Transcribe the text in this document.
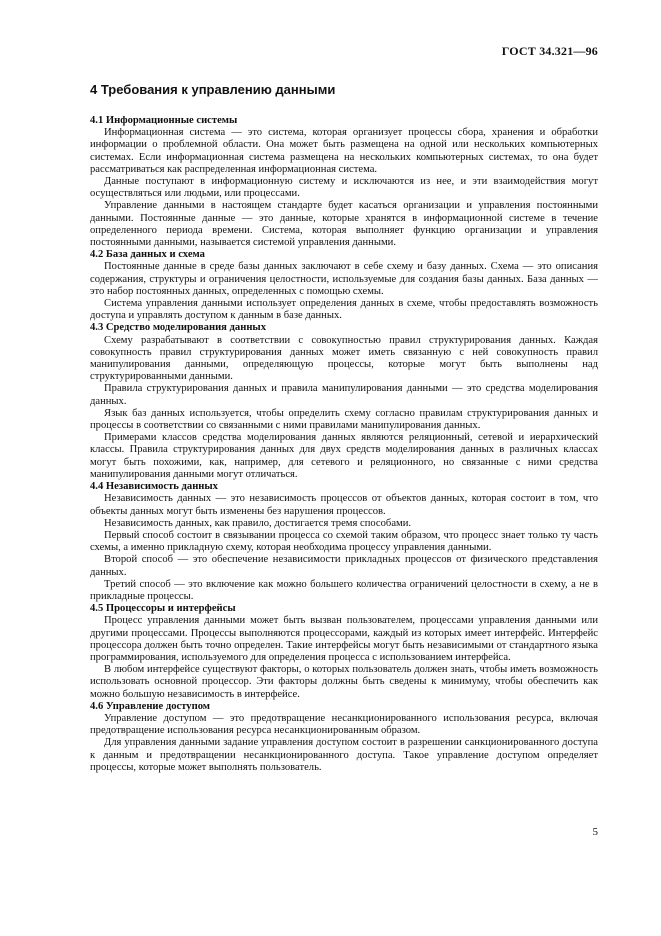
ГОСТ 34.321—96
4 Требования к управлению данными
4.1 Информационные системы

Информационная система — это система, которая организует процессы сбора, хранения и обработки информации о проблемной области. Она может быть размещена на одной или нескольких компьютерных системах. Если информационная система размещена на нескольких компьютерных системах, то она будет рассматриваться как распределенная информационная система.

Данные поступают в информационную систему и исключаются из нее, и эти взаимодействия могут осуществляться или людьми, или процессами.

Управление данными в настоящем стандарте будет касаться организации и управления постоянными данными. Постоянные данные — это данные, которые хранятся в информационной системе в течение определенного периода времени. Система, которая выполняет функцию организации и управления постоянными данными, называется системой управления данными.

4.2 База данных и схема

Постоянные данные в среде базы данных заключают в себе схему и базу данных. Схема — это описания содержания, структуры и ограничения целостности, используемые для создания базы данных. База данных — это набор постоянных данных, определенных с помощью схемы.

Система управления данными использует определения данных в схеме, чтобы предоставлять возможность доступа и управлять доступом к данным в базе данных.

4.3 Средство моделирования данных

Схему разрабатывают в соответствии с совокупностью правил структурирования данных. Каждая совокупность правил структурирования данных может иметь связанную с ней совокупность правил манипулирования данными, определяющую процессы, которые могут быть выполнены над структурированными данными.

Правила структурирования данных и правила манипулирования данными — это средства моделирования данных.

Язык баз данных используется, чтобы определить схему согласно правилам структурирования данных и процессы в соответствии со связанными с ними правилами манипулирования данных.

Примерами классов средства моделирования данных являются реляционный, сетевой и иерархический классы. Правила структурирования данных для двух средств моделирования данных в различных классах могут быть похожими, как, например, для сетевого и реляционного, но связанные с ними средства манипулирования данными могут отличаться.

4.4 Независимость данных

Независимость данных — это независимость процессов от объектов данных, которая состоит в том, что объекты данных могут быть изменены без нарушения процессов.

Независимость данных, как правило, достигается тремя способами.

Первый способ состоит в связывании процесса со схемой таким образом, что процесс знает только ту часть схемы, а именно прикладную схему, которая необходима процессу управления данными.

Второй способ — это обеспечение независимости прикладных процессов от физического представления данных.

Третий способ — это включение как можно большего количества ограничений целостности в схему, а не в прикладные процессы.

4.5 Процессоры и интерфейсы

Процесс управления данными может быть вызван пользователем, процессами управления данными или другими процессами. Процессы выполняются процессорами, каждый из которых имеет интерфейс. Интерфейс процессора должен быть точно определен. Такие интерфейсы могут быть независимыми от стандартного языка программирования, используемого для определения процесса с использованием интерфейса.

В любом интерфейсе существуют факторы, о которых пользователь должен знать, чтобы иметь возможность использовать основной процессор. Эти факторы должны быть сведены к минимуму, чтобы обеспечить как можно большую независимость в интерфейсе.

4.6 Управление доступом

Управление доступом — это предотвращение несанкционированного использования ресурса, включая предотвращение использования ресурса несанкционированным образом.

Для управления данными задание управления доступом состоит в разрешении санкционированного доступа к данным и предотвращении несанкционированного доступа. Такое управление доступом определяет процессы, которые может выполнять пользователь.

5
